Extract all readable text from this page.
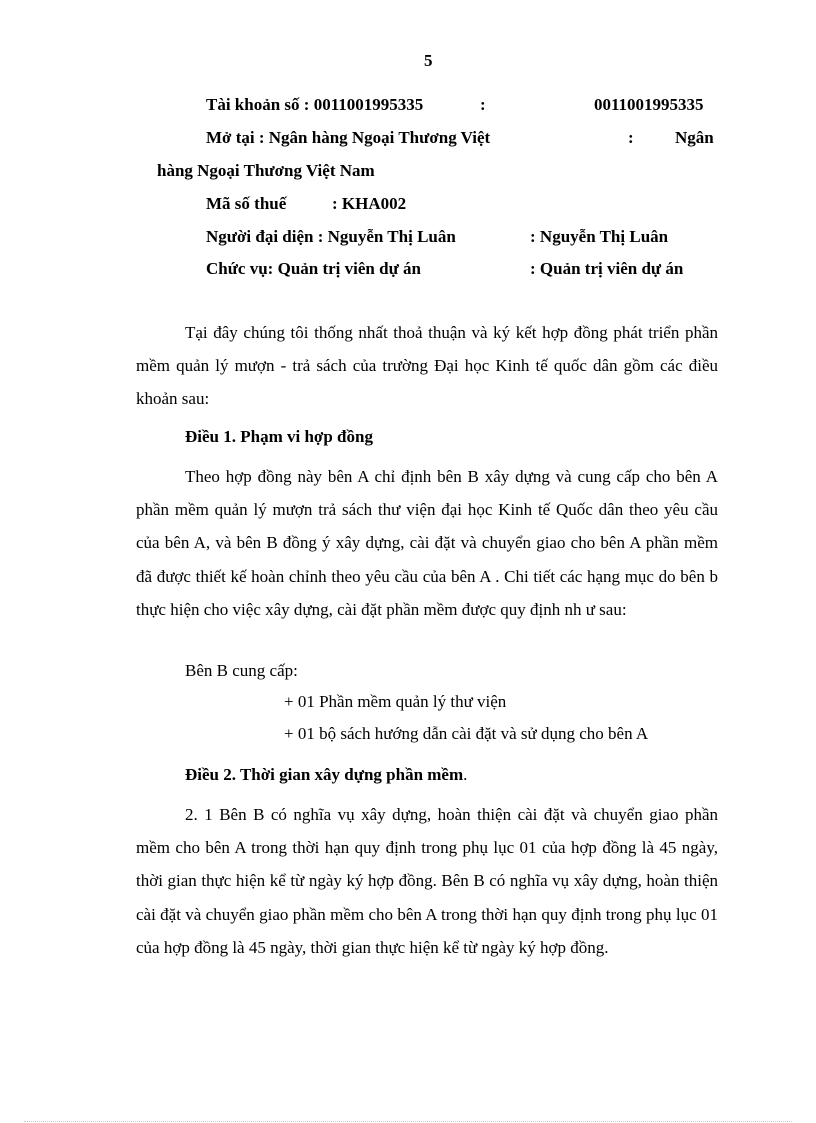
5
Tài khoản số : 0011001995335	:	0011001995335
Mở tại : Ngân hàng Ngoại Thương Việt	: Ngân
hàng Ngoại Thương Việt Nam
Mã số thuế	: KHA002
Người đại diện : Nguyễn Thị Luân	: Nguyễn Thị Luân
Chức vụ: Quản trị viên dự án	: Quản trị viên dự án
Tại đây chúng tôi thống nhất thoả thuận và ký kết hợp đồng phát triển phần mềm quản lý mượn - trả sách của trường Đại học Kinh tế quốc dân gồm các điều khoản sau:
Điều 1. Phạm vi hợp đồng
Theo hợp đồng này bên A chỉ định bên B xây dựng và cung cấp cho bên A phần mềm quản lý mượn trả sách thư viện đại học Kinh tế Quốc dân theo yêu cầu của bên A, và bên B đồng ý xây dựng, cài đặt và chuyển giao cho bên A phần mềm đã được thiết kế hoàn chỉnh theo yêu cầu của bên A . Chi tiết các hạng mục do bên b thực hiện cho việc xây dựng, cài đặt phần mềm được quy định nh ư sau:
Bên B cung cấp:
+ 01 Phần mềm quản lý thư viện
+ 01 bộ sách hướng dẫn cài đặt và sử dụng cho bên A
Điều 2. Thời gian xây dựng phần mềm.
2. 1 Bên B có nghĩa vụ xây dựng, hoàn thiện cài đặt và chuyển giao phần mềm cho bên A trong thời hạn quy định trong phụ lục 01 của hợp đồng là 45 ngày, thời gian thực hiện kể từ ngày ký hợp đồng. Bên B có nghĩa vụ xây dựng, hoàn thiện cài đặt và chuyển giao phần mềm cho bên A trong thời hạn quy định trong phụ lục 01 của hợp đồng là 45 ngày, thời gian thực hiện kể từ ngày ký hợp đồng.
